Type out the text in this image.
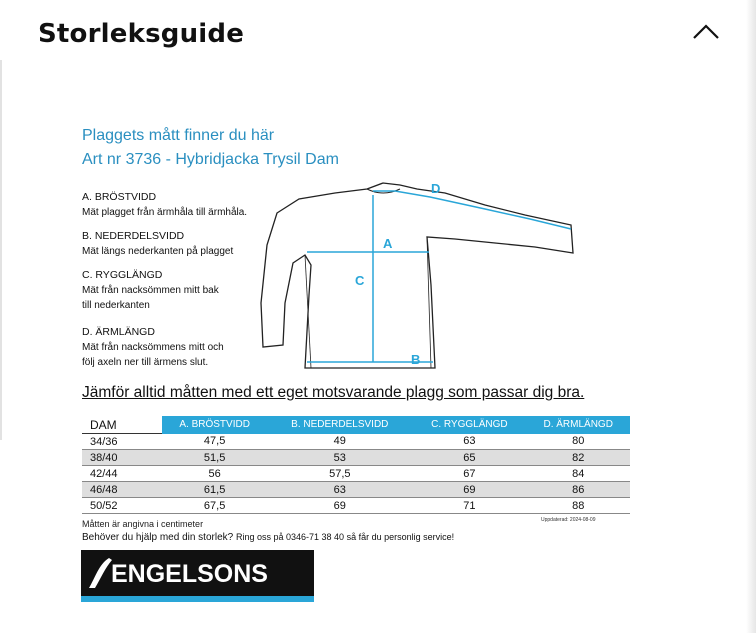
Storleksguide
Plaggets mått finner du här
Art nr 3736 - Hybridjacka Trysil Dam
A. BRÖSTVIDD
Mät plagget från ärmhåla till ärmhåla.
B. NEDERDELSVIDD
Mät längs nederkanten på plagget
C. RYGGLÄNGD
Mät från nacksömmen mitt bak
till nederkanten
D. ÄRMLÄNGD
Mät från nacksömmens mitt och
följ axeln ner till ärmens slut.
A
B
C
D
Jämför alltid måtten med ett eget motsvarande plagg som passar dig bra.
DAM	A. BRÖSTVIDD	B. NEDERDELSVIDD	C. RYGGLÄNGD	D. ÄRMLÄNGD
34/36	47,5	49	63	80
38/40	51,5	53	65	82
42/44	56	57,5	67	84
46/48	61,5	63	69	86
50/52	67,5	69	71	88
Uppdaterad: 2024-08-09
Måtten är angivna i centimeter
Behöver du hjälp med din storlek? Ring oss på 0346-71 38 40 så får du personlig service!
ENGELSONS
